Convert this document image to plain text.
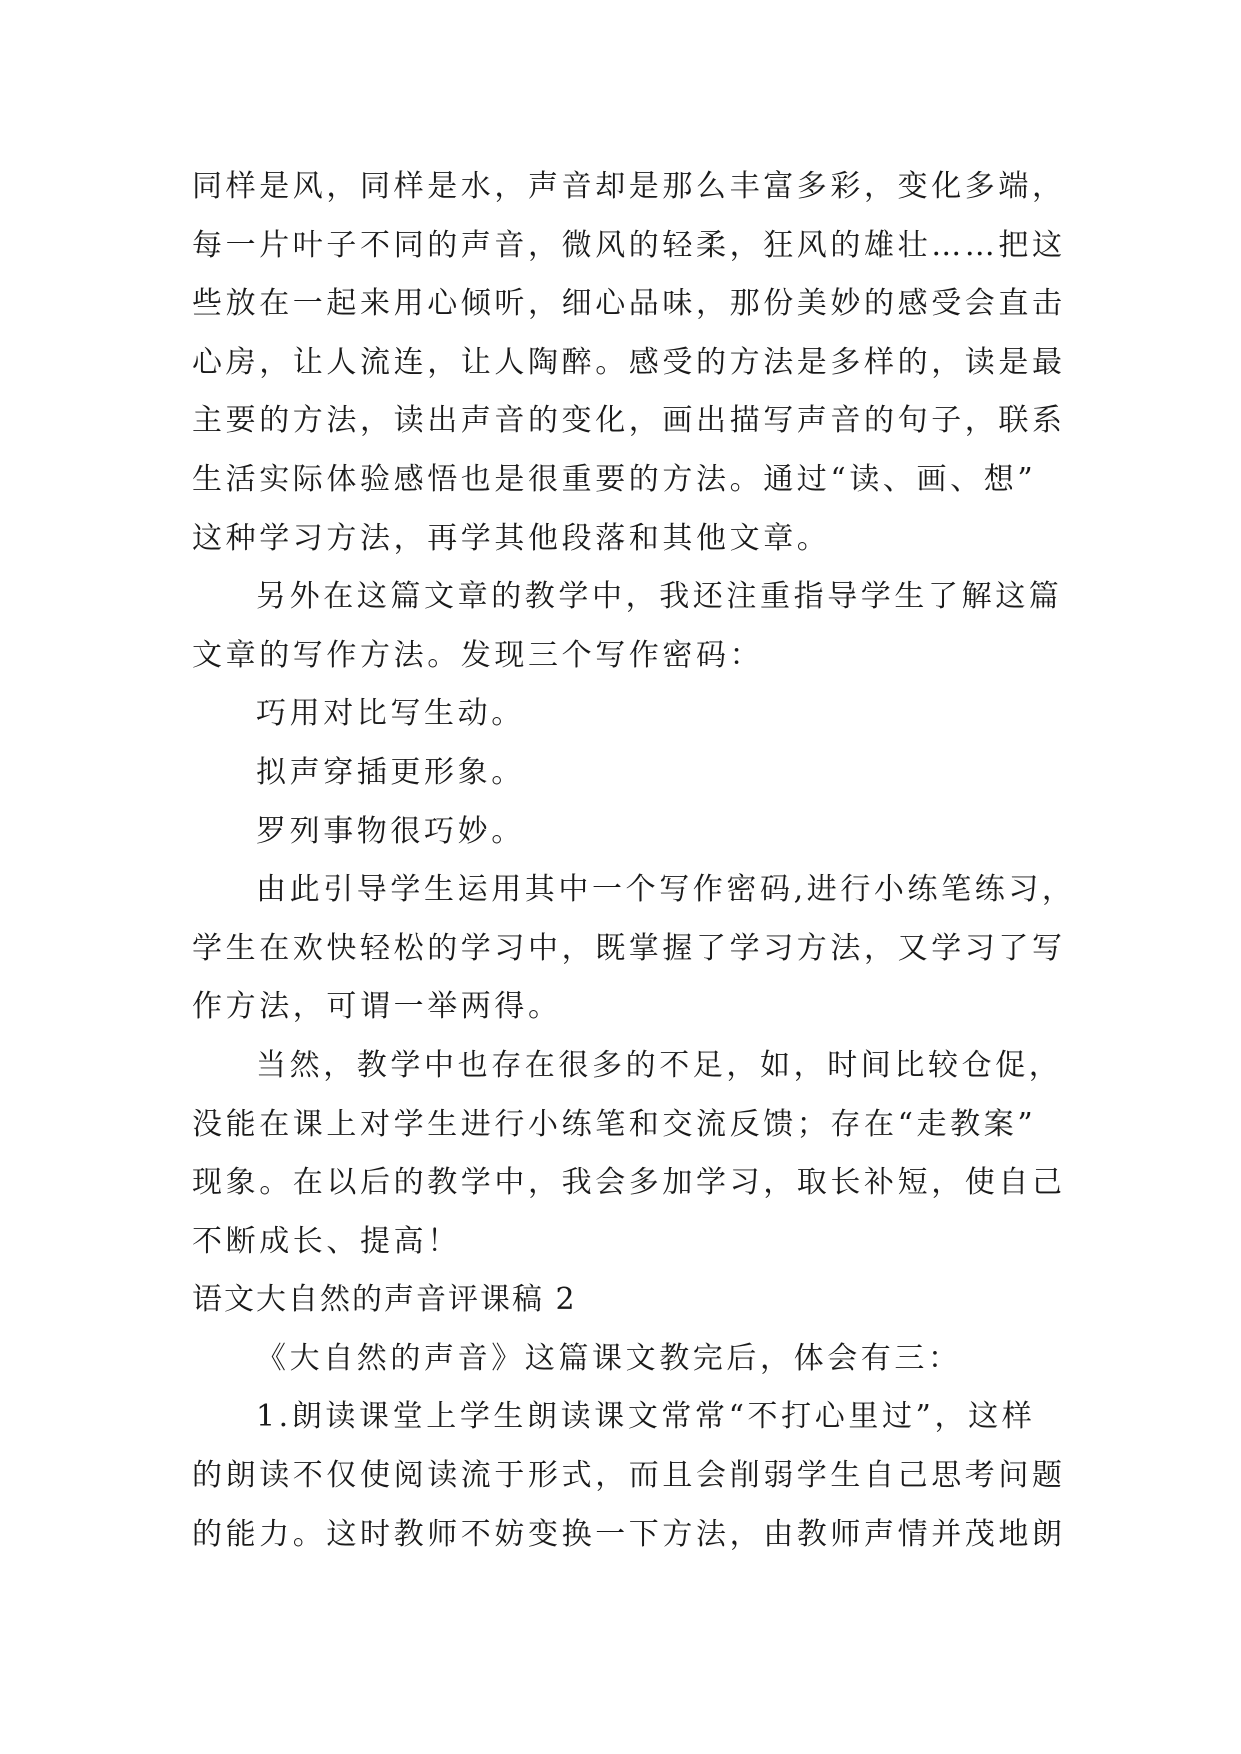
同样是风，同样是水，声音却是那么丰富多彩，变化多端，
每一片叶子不同的声音，微风的轻柔，狂风的雄壮……把这
些放在一起来用心倾听，细心品味，那份美妙的感受会直击
心房，让人流连，让人陶醉。感受的方法是多样的，读是最
主要的方法，读出声音的变化，画出描写声音的句子，联系
生活实际体验感悟也是很重要的方法。通过“读、画、想”
这种学习方法，再学其他段落和其他文章。
另外在这篇文章的教学中，我还注重指导学生了解这篇
文章的写作方法。发现三个写作密码：
巧用对比写生动。
拟声穿插更形象。
罗列事物很巧妙。
由此引导学生运用其中一个写作密码,进行小练笔练习，
学生在欢快轻松的学习中，既掌握了学习方法，又学习了写
作方法，可谓一举两得。
当然，教学中也存在很多的不足，如，时间比较仓促，
没能在课上对学生进行小练笔和交流反馈；存在“走教案”
现象。在以后的教学中，我会多加学习，取长补短，使自己
不断成长、提高！
语文大自然的声音评课稿 2
《大自然的声音》这篇课文教完后，体会有三：
1.朗读课堂上学生朗读课文常常“不打心里过”，这样
的朗读不仅使阅读流于形式，而且会削弱学生自己思考问题
的能力。这时教师不妨变换一下方法，由教师声情并茂地朗
